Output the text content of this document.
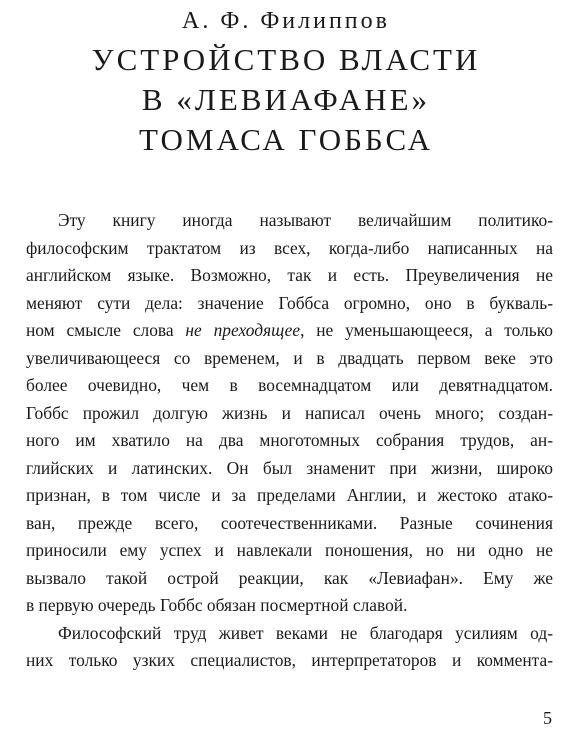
А. Ф. Филиппов
УСТРОЙСТВО ВЛАСТИ
В «ЛЕВИАФАНЕ»
ТОМАСА ГОББСА
Эту книгу иногда называют величайшим политико-
философским трактатом из всех, когда-либо написанных на
английском языке. Возможно, так и есть. Преувеличения не
меняют сути дела: значение Гоббса огромно, оно в букваль-
ном смысле слова не преходящее, не уменьшающееся, а только
увеличивающееся со временем, и в двадцать первом веке это
более очевидно, чем в восемнадцатом или девятнадцатом.
Гоббс прожил долгую жизнь и написал очень много; создан-
ного им хватило на два многотомных собрания трудов, ан-
глийских и латинских. Он был знаменит при жизни, широко
признан, в том числе и за пределами Англии, и жестоко атако-
ван, прежде всего, соотечественниками. Разные сочинения
приносили ему успех и навлекали поношения, но ни одно не
вызвало такой острой реакции, как «Левиафан». Ему же
в первую очередь Гоббс обязан посмертной славой.
Философский труд живет веками не благодаря усилиям од-
них только узких специалистов, интерпретаторов и коммента-
5
